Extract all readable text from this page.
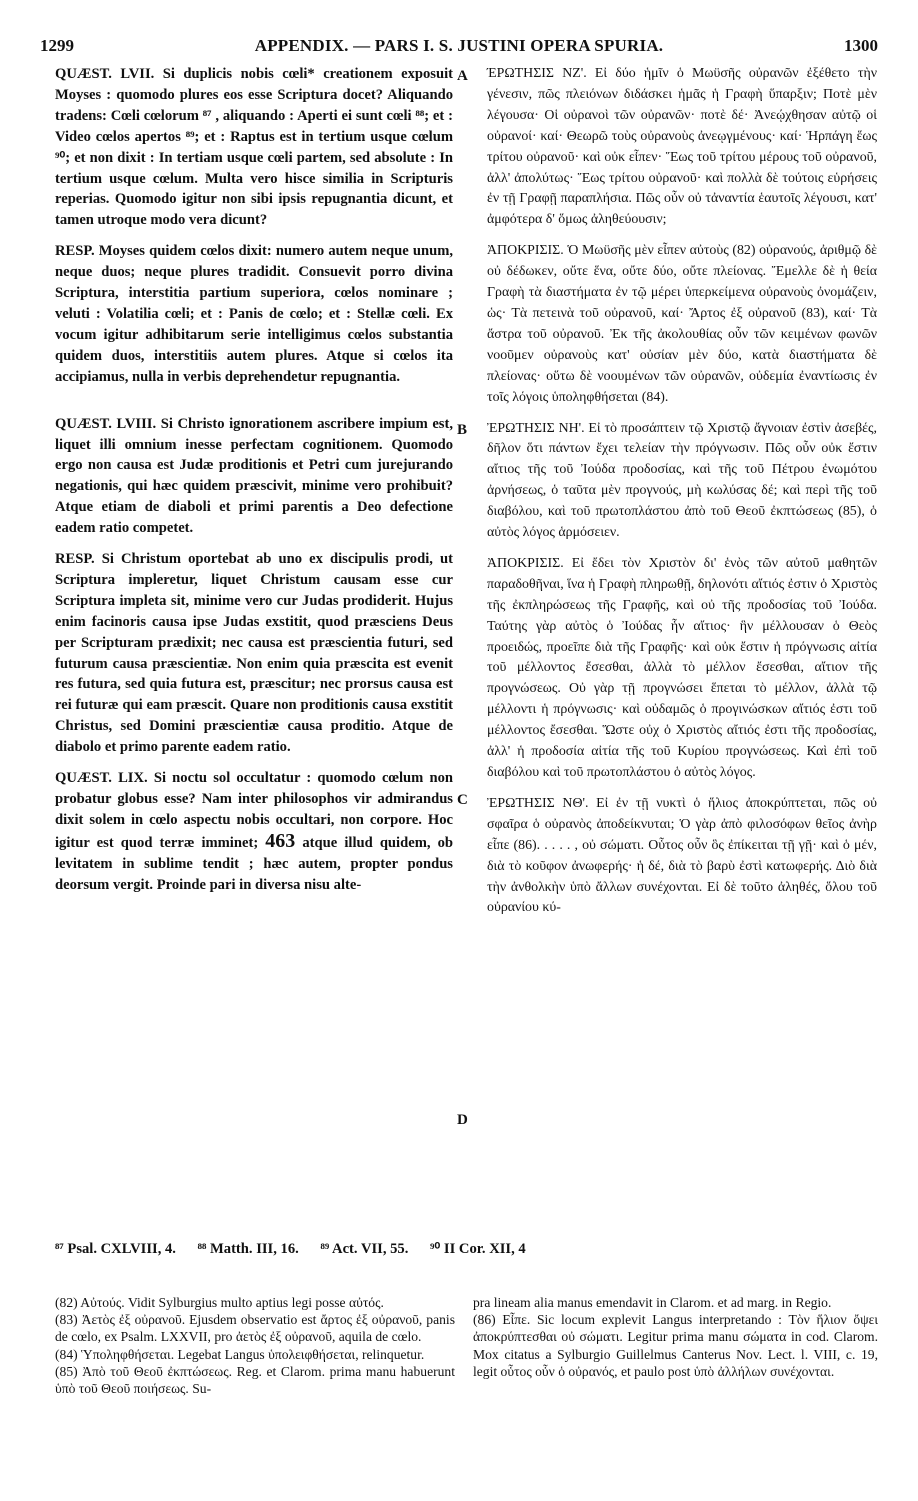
1299	APPENDIX. — PARS I. S. JUSTINI OPERA SPURIA.	1300
A
B
C
D

QUÆST. LVII. Si duplicis nobis cœli* creationem exposuit Moyses : quomodo plures eos esse Scriptura docet? Aliquando tradens: Cœli cœlorum ⁸⁷ , aliquando : Aperti ei sunt cœli ⁸⁸; et : Video cœlos apertos ⁸⁹; et : Raptus est in tertium usque cœlum ⁹⁰; et non dixit : In tertiam usque cœli partem, sed absolute : In tertium usque cœlum. Multa vero hisce similia in Scripturis reperias. Quomodo igitur non sibi ipsis repugnantia dicunt, et tamen utroque modo vera dicunt?

RESP. Moyses quidem cœlos dixit: numero autem neque unum, neque duos; neque plures tradidit. Consuevit porro divina Scriptura, interstitia partium superiora, cœlos nominare ; veluti : Volatilia cœli; et : Panis de cœlo; et : Stellæ cœli. Ex vocum igitur adhibitarum serie intelligimus cœlos substantia quidem duos, interstitiis autem plures. Atque si cœlos ita accipiamus, nulla in verbis deprehendetur repugnantia.

QUÆST. LVIII. Si Christo ignorationem ascribere impium est, liquet illi omnium inesse perfectam cognitionem. Quomodo ergo non causa est Judæ proditionis et Petri cum jurejurando negationis, qui hæc quidem præscivit, minime vero prohibuit? Atque etiam de diaboli et primi parentis a Deo defectione eadem ratio competet.

RESP. Si Christum oportebat ab uno ex discipulis prodi, ut Scriptura impleretur, liquet Christum causam esse cur Scriptura impleta sit, minime vero cur Judas prodiderit. Hujus enim facinoris causa ipse Judas exstitit, quod præsciens Deus per Scripturam prædixit; nec causa est præscientia futuri, sed futurum causa præscientiæ. Non enim quia præscita est evenit res futura, sed quia futura est, præscitur; nec prorsus causa est rei futuræ qui eam præscit. Quare non proditionis causa exstitit Christus, sed Domini præscientiæ causa proditio. Atque de diabolo et primo parente eadem ratio.

QUÆST. LIX. Si noctu sol occultatur : quomodo cœlum non probatur globus esse? Nam inter philosophos vir admirandus dixit solem in cœlo aspectu nobis occultari, non corpore. Hoc igitur est quod terræ imminet; 463 atque illud quidem, ob levitatem in sublime tendit ; hæc autem, propter pondus deorsum vergit. Proinde pari in diversa nisu alte-

ΈΡΩΤΗΣΙΣ ΝΖ'. Εἰ δύο ἡμῖν ὁ Μωϋσῆς οὐρανῶν ἐξέθετο τὴν γένεσιν, πῶς πλειόνων διδάσκει ἡμᾶς ἡ Γραφὴ ὕπαρξιν; Ποτὲ μὲν λέγουσα· Οἱ οὐρανοὶ τῶν οὐρανῶν· ποτὲ δέ· Ἀνεῴχθησαν αὐτῷ οἱ οὐρανοί· καί· Θεωρῶ τοὺς οὐρανοὺς ἀνεῳγμένους· καί· Ἡρπάγη ἕως τρίτου οὐρανοῦ· καὶ οὐκ εἶπεν· Ἕως τοῦ τρίτου μέρους τοῦ οὐρανοῦ, ἀλλ' ἀπολύτως· Ἕως τρίτου οὐρανοῦ· καὶ πολλὰ δὲ τούτοις εὑρήσεις ἐν τῇ Γραφῇ παραπλήσια. Πῶς οὖν οὐ τἀναντία ἑαυτοῖς λέγουσι, κατ' ἀμφότερα δ' ὅμως ἀληθεύουσιν;

ἈΠΟΚΡΙΣΙΣ. Ὁ Μωϋσῆς μὲν εἶπεν αὐτοὺς (82) οὐρανούς, ἀριθμῷ δὲ οὐ δέδωκεν, οὔτε ἕνα, οὔτε δύο, οὔτε πλείονας. Ἔμελλε δὲ ἡ θεία Γραφὴ τὰ διαστήματα ἐν τῷ μέρει ὑπερκείμενα οὐρανοὺς ὀνομάζειν, ὡς· Τὰ πετεινὰ τοῦ οὐρανοῦ, καί· Ἄρτος ἐξ οὐρανοῦ (83), καί· Τὰ ἄστρα τοῦ οὐρανοῦ. Ἐκ τῆς ἀκολουθίας οὖν τῶν κειμένων φωνῶν νοοῦμεν οὐρανοὺς κατ' οὐσίαν μὲν δύο, κατὰ διαστήματα δὲ πλείονας· οὕτω δὲ νοουμένων τῶν οὐρανῶν, οὐδεμία ἐναντίωσις ἐν τοῖς λόγοις ὑποληφθήσεται (84).

ἘΡΩΤΗΣΙΣ ΝΗ'. Εἰ τὸ προσάπτειν τῷ Χριστῷ ἄγνοιαν ἐστὶν ἀσεβές, δῆλον ὅτι πάντων ἔχει τελείαν τὴν πρόγνωσιν. Πῶς οὖν οὐκ ἔστιν αἴτιος τῆς τοῦ Ἰούδα προδοσίας, καὶ τῆς τοῦ Πέτρου ἐνωμότου ἀρνήσεως, ὁ ταῦτα μὲν προγνούς, μὴ κωλύσας δέ; καὶ περὶ τῆς τοῦ διαβόλου, καὶ τοῦ πρωτοπλάστου ἀπὸ τοῦ Θεοῦ ἐκπτώσεως (85), ὁ αὐτὸς λόγος ἁρμόσειεν.

ἈΠΟΚΡΙΣΙΣ. Εἰ ἔδει τὸν Χριστὸν δι' ἑνὸς τῶν αὐτοῦ μαθητῶν παραδοθῆναι, ἵνα ἡ Γραφὴ πληρωθῇ, δηλονότι αἴτιός ἐστιν ὁ Χριστὸς τῆς ἐκπληρώσεως τῆς Γραφῆς, καὶ οὐ τῆς προδοσίας τοῦ Ἰούδα. Ταύτης γὰρ αὐτὸς ὁ Ἰούδας ἦν αἴτιος· ἣν μέλλουσαν ὁ Θεὸς προειδώς, προεῖπε διὰ τῆς Γραφῆς· καὶ οὐκ ἔστιν ἡ πρόγνωσις αἰτία τοῦ μέλλοντος ἔσεσθαι, ἀλλὰ τὸ μέλλον ἔσεσθαι, αἴτιον τῆς προγνώσεως. Οὐ γὰρ τῇ προγνώσει ἕπεται τὸ μέλλον, ἀλλὰ τῷ μέλλοντι ἡ πρόγνωσις· καὶ οὐδαμῶς ὁ προγινώσκων αἴτιός ἐστι τοῦ μέλλοντος ἔσεσθαι. Ὥστε οὐχ ὁ Χριστὸς αἴτιός ἐστι τῆς προδοσίας, ἀλλ' ἡ προδοσία αἰτία τῆς τοῦ Κυρίου προγνώσεως. Καὶ ἐπὶ τοῦ διαβόλου καὶ τοῦ πρωτοπλάστου ὁ αὐτὸς λόγος.

ἘΡΩΤΗΣΙΣ ΝΘ'. Εἰ ἐν τῇ νυκτὶ ὁ ἥλιος ἀποκρύπτεται, πῶς οὐ σφαῖρα ὁ οὐρανὸς ἀποδείκνυται; Ὁ γὰρ ἀπὸ φιλοσόφων θεῖος ἀνὴρ εἶπε (86). . . . . , οὐ σώματι. Οὗτος οὖν ὃς ἐπίκειται τῇ γῇ· καὶ ὁ μέν, διὰ τὸ κοῦφον ἀνωφερής· ἡ δέ, διὰ τὸ βαρὺ ἐστὶ κατωφερής. Διὸ διὰ τὴν ἀνθολκὴν ὑπὸ ἄλλων συνέχονται. Εἰ δὲ τοῦτο ἀληθές, ὅλου τοῦ οὐρανίου κύ-

⁸⁷ Psal. CXLVIII, 4. ⁸⁸ Matth. III, 16. ⁸⁹ Act. VII, 55. ⁹⁰ II Cor. XII, 4

(82) Αὐτούς. Vidit Sylburgius multo aptius legi posse αὐτός.

(83) Ἀετὸς ἐξ οὐρανοῦ. Ejusdem observatio est ἄρτος ἐξ οὐρανοῦ, panis de cœlo, ex Psalm. LXXVII, pro ἀετὸς ἐξ οὐρανοῦ, aquila de cœlo.

(84) Ὑποληφθήσεται. Legebat Langus ὑπολειφθήσεται, relinquetur.

(85) Ἀπὸ τοῦ Θεοῦ ἐκπτώσεως. Reg. et Clarom. prima manu habuerunt ὑπὸ τοῦ Θεοῦ ποιήσεως. Su-

pra lineam alia manus emendavit in Clarom. et ad marg. in Regio.

(86) Εἶπε. Sic locum explevit Langus interpretando : Τὸν ἥλιον ὄψει ἀποκρύπτεσθαι οὐ σώματι. Legitur prima manu σώματα in cod. Clarom. Mox citatus a Sylburgio Guillelmus Canterus Nov. Lect. l. VIII, c. 19, legit οὗτος οὖν ὁ οὐρανός, et paulo post ὑπὸ ἀλλήλων συνέχονται.
